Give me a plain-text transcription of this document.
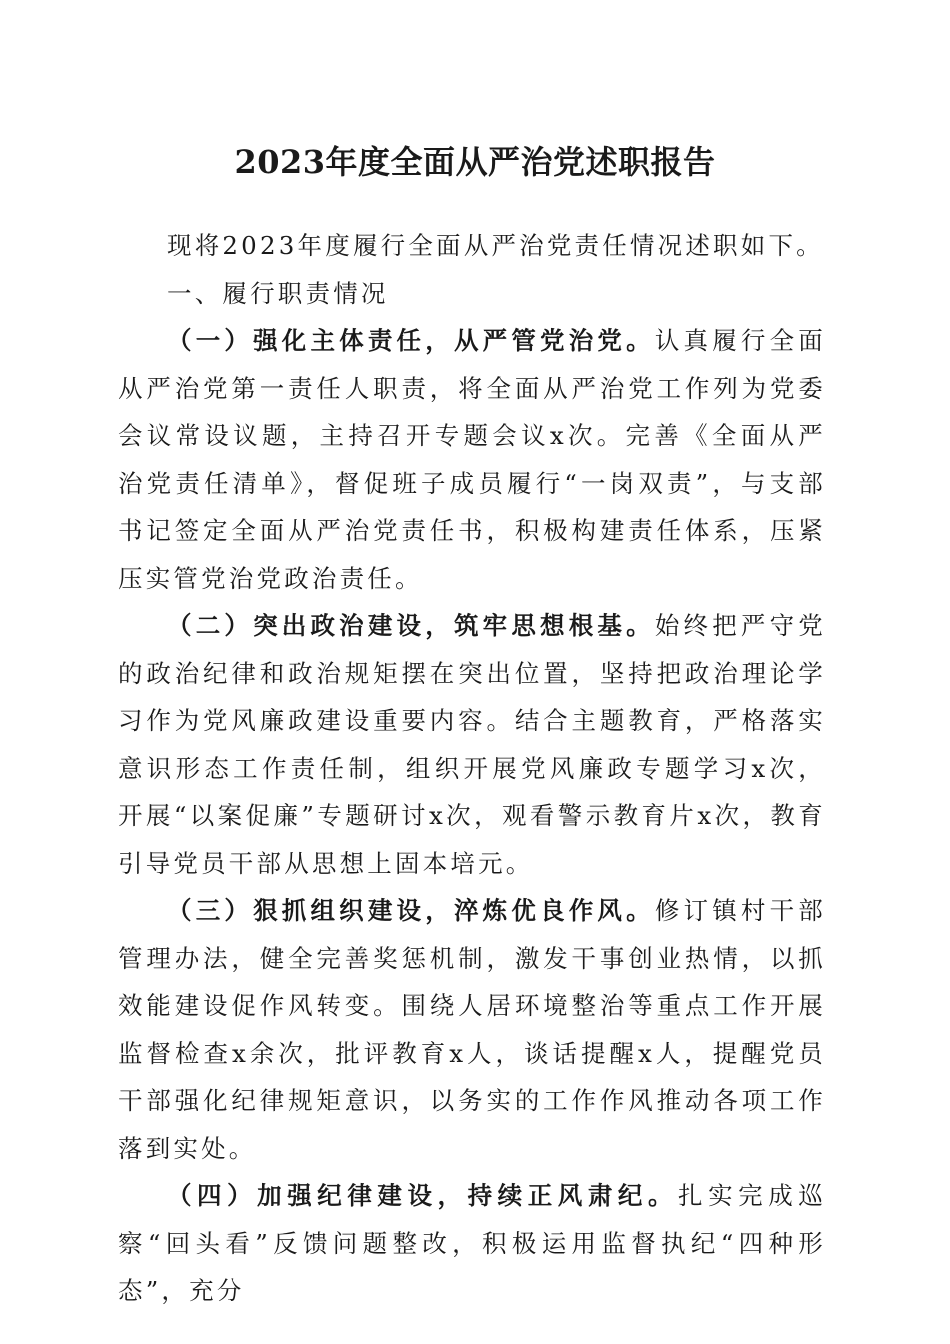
2023年度全面从严治党述职报告

现将2023年度履行全面从严治党责任情况述职如下。

一、履行职责情况

（一）强化主体责任，从严管党治党。认真履行全面从严治党第一责任人职责，将全面从严治党工作列为党委会议常设议题，主持召开专题会议x次。完善《全面从严治党责任清单》，督促班子成员履行“一岗双责”，与支部书记签定全面从严治党责任书，积极构建责任体系，压紧压实管党治党政治责任。

（二）突出政治建设，筑牢思想根基。始终把严守党的政治纪律和政治规矩摆在突出位置，坚持把政治理论学习作为党风廉政建设重要内容。结合主题教育，严格落实意识形态工作责任制，组织开展党风廉政专题学习x次，开展“以案促廉”专题研讨x次，观看警示教育片x次，教育引导党员干部从思想上固本培元。

（三）狠抓组织建设，淬炼优良作风。修订镇村干部管理办法，健全完善奖惩机制，激发干事创业热情，以抓效能建设促作风转变。围绕人居环境整治等重点工作开展监督检查x余次，批评教育x人，谈话提醒x人，提醒党员干部强化纪律规矩意识，以务实的工作作风推动各项工作落到实处。

（四）加强纪律建设，持续正风肃纪。扎实完成巡察“回头看”反馈问题整改，积极运用监督执纪“四种形态”，充分
